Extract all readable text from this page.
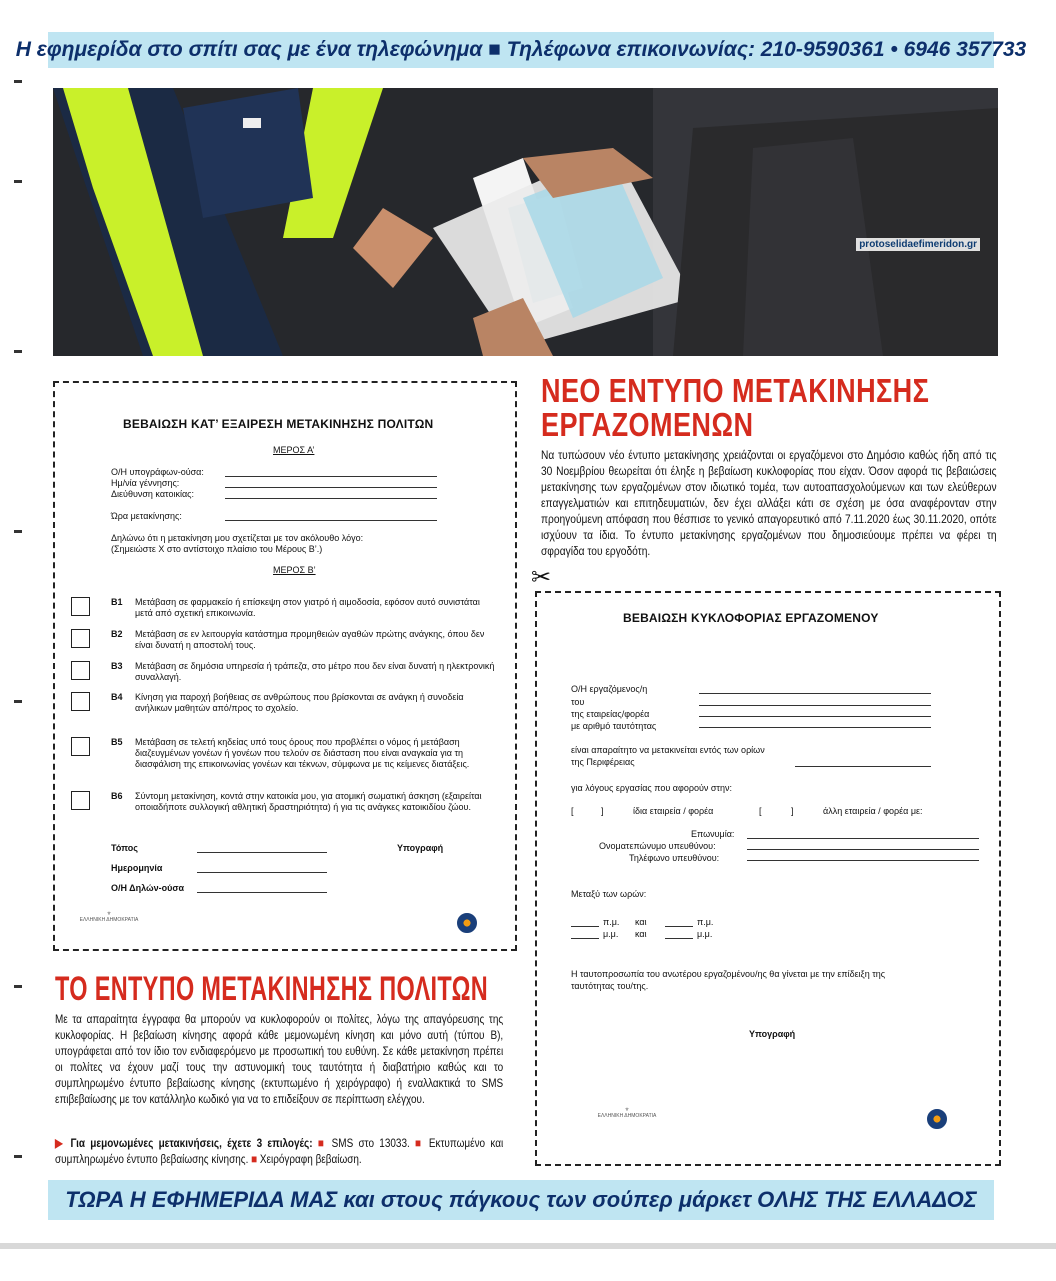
Η εφημερίδα στο σπίτι σας με ένα τηλεφώνημα ■ Τηλέφωνα επικοινωνίας: 210-9590361 • 6946 357733
protoselidaefimeridon.gr
ΒΕΒΑΙΩΣΗ ΚΑΤ’ ΕΞΑΙΡΕΣΗ ΜΕΤΑΚΙΝΗΣΗΣ ΠΟΛΙΤΩΝ
ΜΕΡΟΣ Α’
Ο/Η υπογράφων-ούσα:
Ημ/νία γέννησης:
Διεύθυνση κατοικίας:
Ώρα μετακίνησης:
Δηλώνω ότι η μετακίνηση μου σχετίζεται με τον ακόλουθο λόγο:
(Σημειώστε X στο αντίστοιχο πλαίσιο του Μέρους Β’.)
ΜΕΡΟΣ Β’
B1 Μετάβαση σε φαρμακείο ή επίσκεψη στον γιατρό ή αιμοδοσία, εφόσον αυτό συνιστάται μετά από σχετική επικοινωνία.
B2 Μετάβαση σε εν λειτουργία κατάστημα προμηθειών αγαθών πρώτης ανάγκης, όπου δεν είναι δυνατή η αποστολή τους.
B3 Μετάβαση σε δημόσια υπηρεσία ή τράπεζα, στο μέτρο που δεν είναι δυνατή η ηλεκτρονική συναλλαγή.
B4 Κίνηση για παροχή βοήθειας σε ανθρώπους που βρίσκονται σε ανάγκη ή συνοδεία ανήλικων μαθητών από/προς το σχολείο.
B5 Μετάβαση σε τελετή κηδείας υπό τους όρους που προβλέπει ο νόμος ή μετάβαση διαζευγμένων γονέων ή γονέων που τελούν σε διάσταση που είναι αναγκαία για τη διασφάλιση της επικοινωνίας γονέων και τέκνων, σύμφωνα με τις κείμενες διατάξεις.
B6 Σύντομη μετακίνηση, κοντά στην κατοικία μου, για ατομική σωματική άσκηση (εξαιρείται οποιαδήποτε συλλογική αθλητική δραστηριότητα) ή για τις ανάγκες κατοικιδίου ζώου.
Τόπος	Υπογραφή
Ημερομηνία
Ο/Η Δηλών-ούσα
⚜
ΕΛΛΗΝΙΚΗ ΔΗΜΟΚΡΑΤΙΑ
ΝΕΟ ΕΝΤΥΠΟ ΜΕΤΑΚΙΝΗΣΗΣ
ΕΡΓΑΖΟΜΕΝΩΝ
Να τυπώσουν νέο έντυπο μετακίνησης χρειάζονται οι εργαζόμενοι στο Δημόσιο καθώς ήδη από τις 30 Νοεμβρίου θεωρείται ότι έληξε η βεβαίωση κυκλοφορίας που είχαν. Όσον αφορά τις βεβαιώσεις μετακίνησης των εργαζομένων στον ιδιωτικό τομέα, των αυτοαπασχολούμενων και των ελεύθερων επαγγελματιών και επιτηδευματιών, δεν έχει αλλάξει κάτι σε σχέση με όσα αναφέρονταν στην προηγούμενη απόφαση που θέσπισε το γενικό απαγορευτικό από 7.11.2020 έως 30.11.2020, οπότε ισχύουν τα ίδια. Το έντυπο μετακίνησης εργαζομένων που δημοσιεύουμε πρέπει να φέρει τη σφραγίδα του εργοδότη.
✂
ΒΕΒΑΙΩΣΗ ΚΥΚΛΟΦΟΡΙΑΣ ΕΡΓΑΖΟΜΕΝΟΥ
Ο/Η εργαζόμενος/η
του
της εταιρείας/φορέα
με αριθμό ταυτότητας
είναι απαραίτητο να μετακινείται εντός των ορίων
της Περιφέρειας
για λόγους εργασίας που αφορούν στην:
[	]	ίδια εταιρεία / φορέα	[	]	άλλη εταιρεία / φορέα με:
Επωνυμία:
Ονοματεπώνυμο υπευθύνου:
Τηλέφωνο υπευθύνου:
Μεταξύ των ωρών:
π.μ. και	π.μ.
μ.μ. και	μ.μ.
Η ταυτοπροσωπία του ανωτέρου εργαζομένου/ης θα γίνεται με την επίδειξη της
ταυτότητας του/της.
Υπογραφή
⚜
ΕΛΛΗΝΙΚΗ ΔΗΜΟΚΡΑΤΙΑ
ΤΟ ΕΝΤΥΠΟ ΜΕΤΑΚΙΝΗΣΗΣ ΠΟΛΙΤΩΝ
Με τα απαραίτητα έγγραφα θα μπορούν να κυκλοφορούν οι πολίτες, λόγω της απαγόρευσης της κυκλοφορίας. Η βεβαίωση κίνησης αφορά κάθε μεμονωμένη κίνηση και μόνο αυτή (τύπου Β), υπογράφεται από τον ίδιο τον ενδιαφερόμενο με προσωπική του ευθύνη. Σε κάθε μετακίνηση πρέπει οι πολίτες να έχουν μαζί τους την αστυνομική τους ταυτότητα ή διαβατήριο καθώς και το συμπληρωμένο έντυπο βεβαίωσης κίνησης (εκτυπωμένο ή χειρόγραφο) ή εναλλακτικά το SMS επιβεβαίωσης με τον κατάλληλο κωδικό για να το επιδείξουν σε περίπτωση ελέγχου.
▶ Για μεμονωμένες μετακινήσεις, έχετε 3 επιλογές: ■ SMS στο 13033. ■ Εκτυπωμένο και συμπληρωμένο έντυπο βεβαίωσης κίνησης. ■ Χειρόγραφη βεβαίωση.
ΤΩΡΑ Η ΕΦΗΜΕΡΙΔΑ ΜΑΣ και στους πάγκους των σούπερ μάρκετ ΟΛΗΣ ΤΗΣ ΕΛΛΑΔΟΣ
